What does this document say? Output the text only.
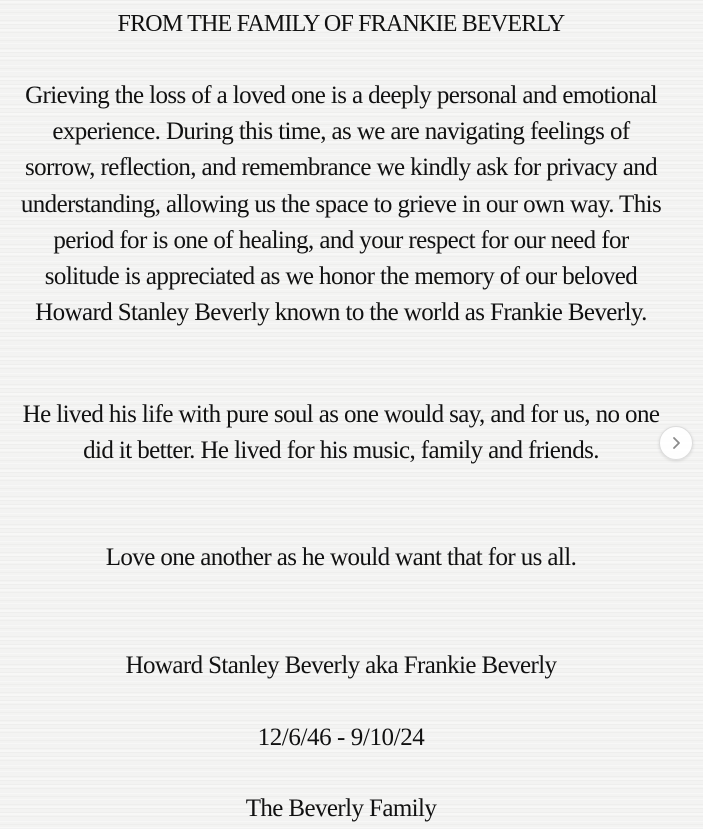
FROM THE FAMILY OF FRANKIE BEVERLY
Grieving the loss of a loved one is a deeply personal and emotional experience. During this time, as we are navigating feelings of sorrow, reflection, and remembrance we kindly ask for privacy and understanding, allowing us the space to grieve in our own way. This period for is one of healing, and your respect for our need for solitude is appreciated as we honor the memory of our beloved Howard Stanley Beverly known to the world as Frankie Beverly.
He lived his life with pure soul as one would say, and for us, no one did it better. He lived for his music, family and friends.
Love one another as he would want that for us all.
Howard Stanley Beverly aka Frankie Beverly
12/6/46 - 9/10/24
The Beverly Family
